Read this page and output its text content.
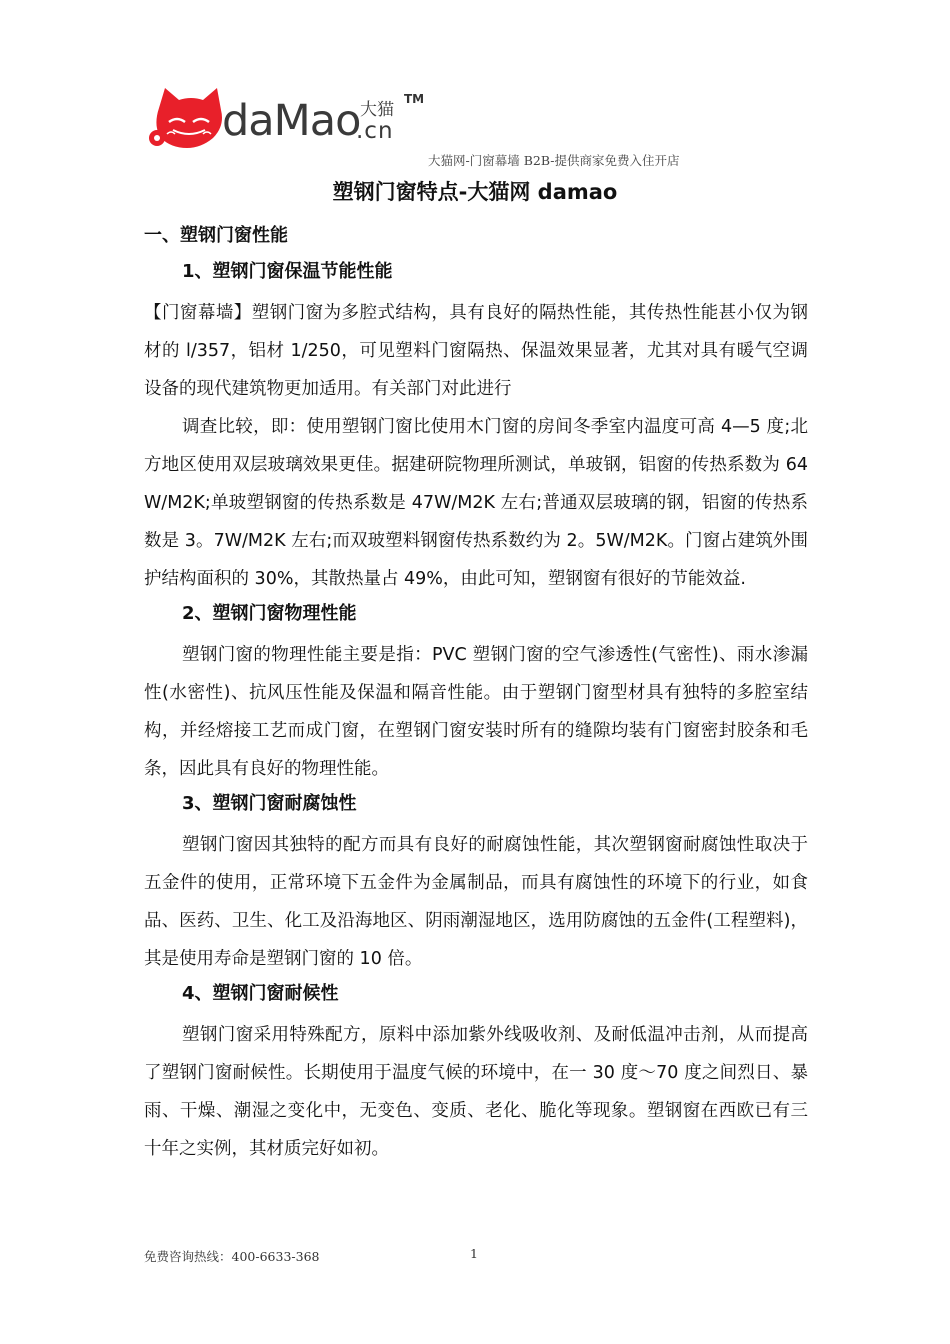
daMao 大猫
.cn
TM
大猫网-门窗幕墙 B2B-提供商家免费入住开店
塑钢门窗特点-大猫网 damao
一、塑钢门窗性能
1、塑钢门窗保温节能性能

【门窗幕墙】塑钢门窗为多腔式结构，具有良好的隔热性能，其传热性能甚小仅为钢材的 l/357，铝材 1/250，可见塑料门窗隔热、保温效果显著，尤其对具有暖气空调设备的现代建筑物更加适用。有关部门对此进行

调查比较，即：使用塑钢门窗比使用木门窗的房间冬季室内温度可高 4—5 度;北方地区使用双层玻璃效果更佳。据建研院物理所测试，单玻钢，铝窗的传热系数为 64W/M2K;单玻塑钢窗的传热系数是 47W/M2K 左右;普通双层玻璃的钢，铝窗的传热系数是 3。7W/M2K 左右;而双玻塑料钢窗传热系数约为 2。5W/M2K。门窗占建筑外围护结构面积的 30%，其散热量占 49%，由此可知，塑钢窗有很好的节能效益.

2、塑钢门窗物理性能

塑钢门窗的物理性能主要是指：PVC 塑钢门窗的空气渗透性(气密性)、雨水渗漏性(水密性)、抗风压性能及保温和隔音性能。由于塑钢门窗型材具有独特的多腔室结构，并经熔接工艺而成门窗，在塑钢门窗安装时所有的缝隙均装有门窗密封胶条和毛条，因此具有良好的物理性能。

3、塑钢门窗耐腐蚀性

塑钢门窗因其独特的配方而具有良好的耐腐蚀性能，其次塑钢窗耐腐蚀性取决于五金件的使用，正常环境下五金件为金属制品，而具有腐蚀性的环境下的行业，如食品、医药、卫生、化工及沿海地区、阴雨潮湿地区，选用防腐蚀的五金件(工程塑料)，其是使用寿命是塑钢门窗的 10 倍。

4、塑钢门窗耐候性

塑钢门窗采用特殊配方，原料中添加紫外线吸收剂、及耐低温冲击剂，从而提高了塑钢门窗耐候性。长期使用于温度气候的环境中，在一 30 度～70 度之间烈日、暴雨、干燥、潮湿之变化中，无变色、变质、老化、脆化等现象。塑钢窗在西欧已有三十年之实例，其材质完好如初。

免费咨询热线：400-6633-368	1
